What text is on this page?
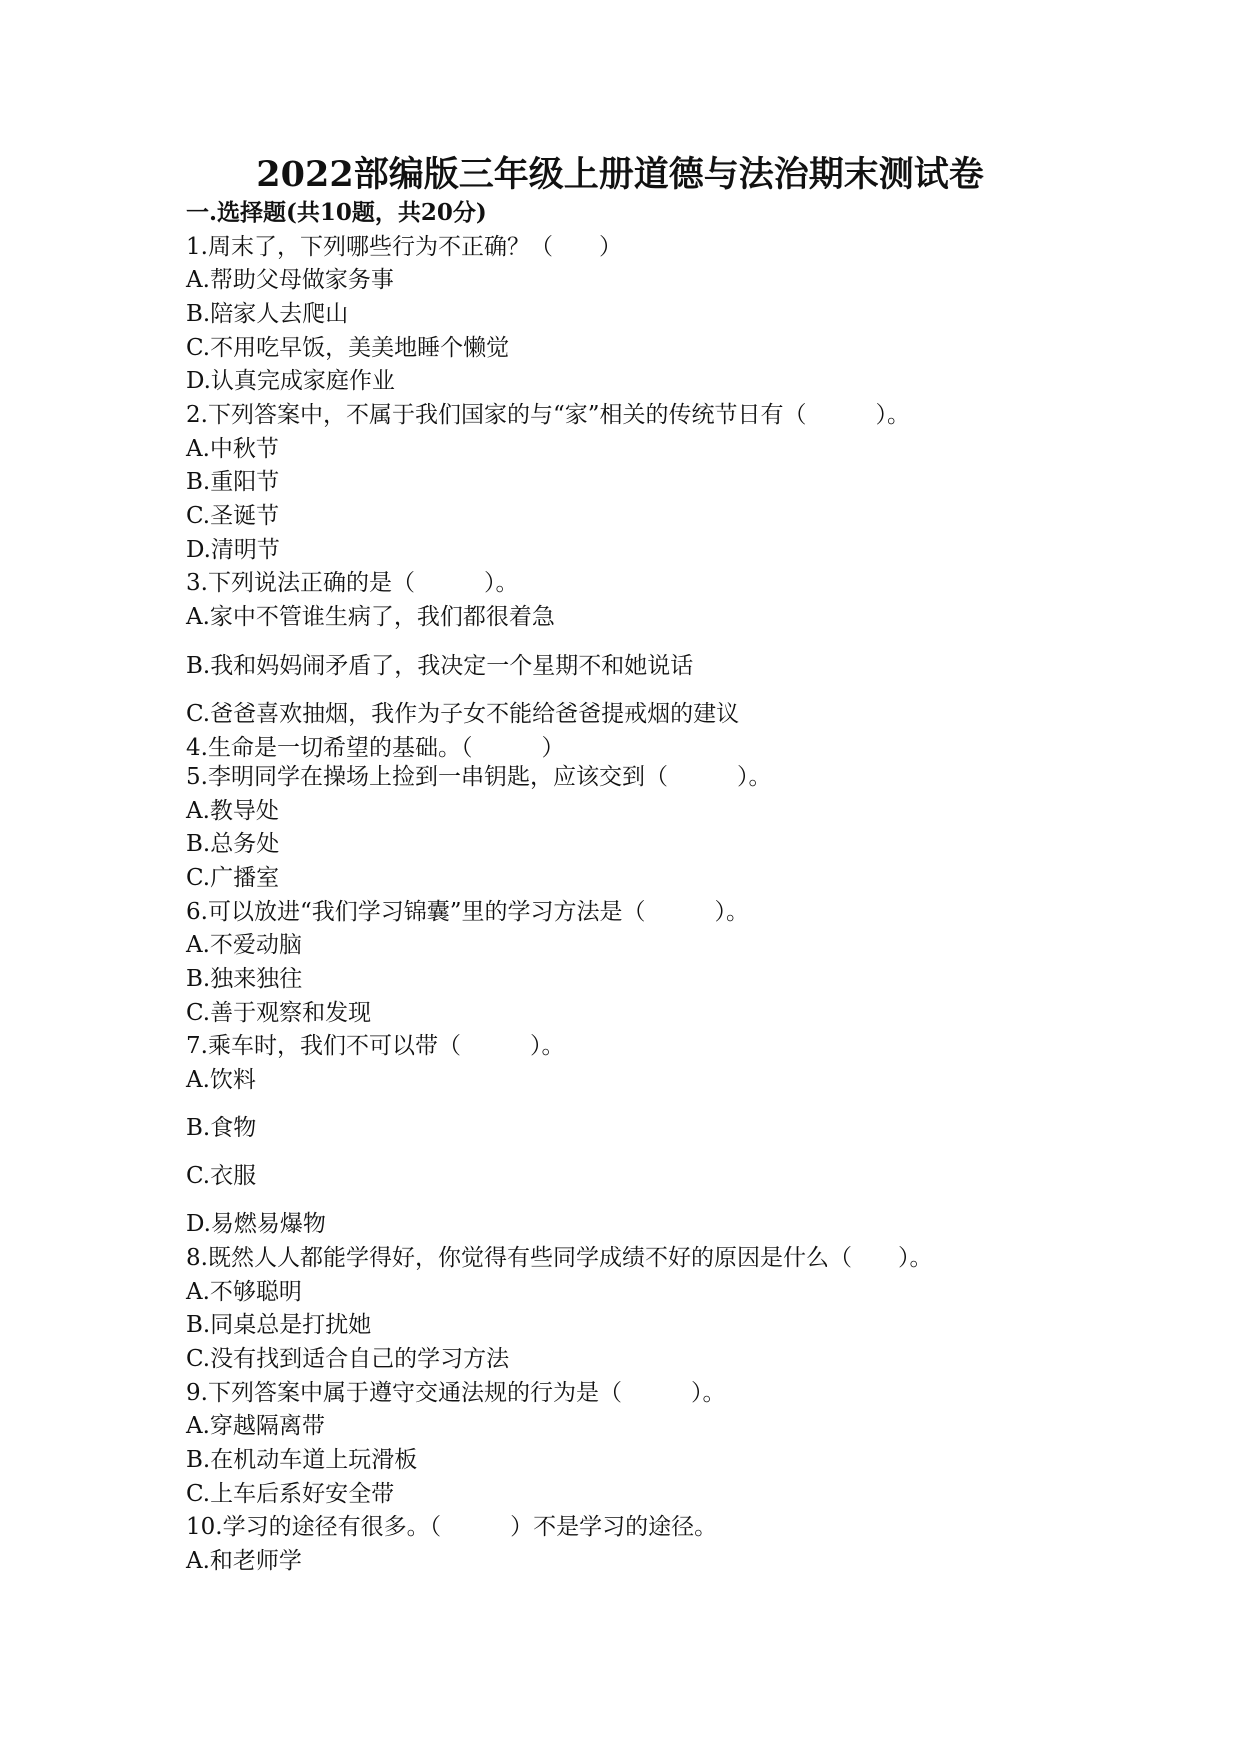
2022部编版三年级上册道德与法治期末测试卷
一.选择题(共10题，共20分)
1.周末了，下列哪些行为不正确？（　　）
A.帮助父母做家务事
B.陪家人去爬山
C.不用吃早饭，美美地睡个懒觉
D.认真完成家庭作业
2.下列答案中，不属于我们国家的与“家”相关的传统节日有（　　　）。
A.中秋节
B.重阳节
C.圣诞节
D.清明节
3.下列说法正确的是（　　　）。
A.家中不管谁生病了，我们都很着急
B.我和妈妈闹矛盾了，我决定一个星期不和她说话
C.爸爸喜欢抽烟，我作为子女不能给爸爸提戒烟的建议
4.生命是一切希望的基础。（　　　）
5.李明同学在操场上捡到一串钥匙，应该交到（　　　）。
A.教导处
B.总务处
C.广播室
6.可以放进“我们学习锦囊”里的学习方法是（　　　）。
A.不爱动脑
B.独来独往
C.善于观察和发现
7.乘车时，我们不可以带（　　　）。
A.饮料
B.食物
C.衣服
D.易燃易爆物
8.既然人人都能学得好，你觉得有些同学成绩不好的原因是什么（　　）。
A.不够聪明
B.同桌总是打扰她
C.没有找到适合自己的学习方法
9.下列答案中属于遵守交通法规的行为是（　　　）。
A.穿越隔离带
B.在机动车道上玩滑板
C.上车后系好安全带
10.学习的途径有很多。（　　　）不是学习的途径。
A.和老师学
